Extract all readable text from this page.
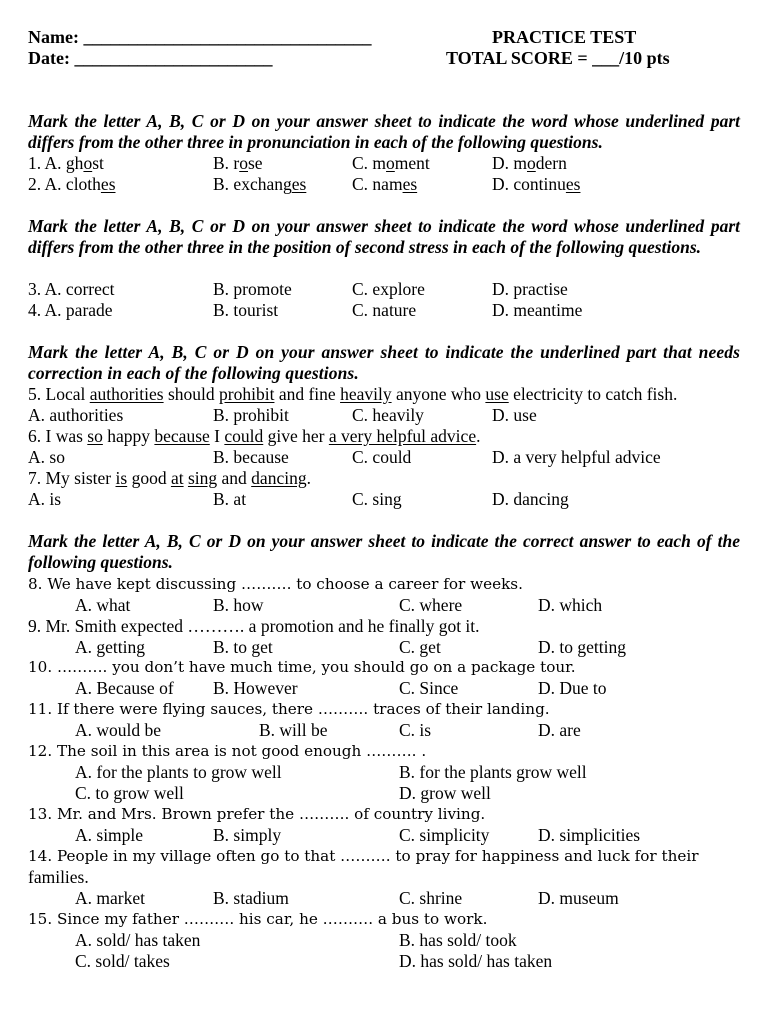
Name: ________________________________
Date: ______________________
PRACTICE TEST
TOTAL SCORE = ___/10 pts
Mark the letter A, B, C or D on your answer sheet to indicate the word whose underlined part differs from the other three in pronunciation in each of the following questions.
1. A. ghost	B. rose	C. moment	D. modern
2. A. clothes	B. exchanges	C. names	D. continues
Mark the letter A, B, C or D on your answer sheet to indicate the word whose underlined part differs from the other three in the position of second stress in each of the following questions.
3. A. correct	B. promote	C. explore	D. practise
4. A. parade	B. tourist	C. nature	D. meantime
Mark the letter A, B, C or D on your answer sheet to indicate the underlined part that needs correction in each of the following questions.
5. Local authorities should prohibit and fine heavily anyone who use electricity to catch fish.
A. authorities	B. prohibit	C. heavily	D. use
6. I was so happy because I could give her a very helpful advice.
A. so	B. because	C. could	D. a very helpful advice
7. My sister is good at sing and dancing.
A. is	B. at	C. sing	D. dancing
Mark the letter A, B, C or D on your answer sheet to indicate the correct answer to each of the following questions.
8. We have kept discussing ………. to choose a career for weeks.
A. what	B. how	C. where	D. which
9. Mr. Smith expected ………. a promotion and he finally got it.
A. getting	B. to get	C. get	D. to getting
10. ………. you don’t have much time, you should go on a package tour.
A. Because of B. However	C. Since	D. Due to
11. If there were flying sauces, there ………. traces of their landing.
A. would be	B. will be	C. is	D. are
12. The soil in this area is not good enough ………. .
A. for the plants to grow well	B. for the plants grow well
C. to grow well	D. grow well
13. Mr. and Mrs. Brown prefer the ………. of country living.
A. simple	B. simply	C. simplicity	D. simplicities
14. People in my village often go to that ………. to pray for happiness and luck for their
families.
A. market	B. stadium	C. shrine	D. museum
15. Since my father ………. his car, he ………. a bus to work.
A. sold/ has taken	B. has sold/ took
C. sold/ takes	D. has sold/ has taken
